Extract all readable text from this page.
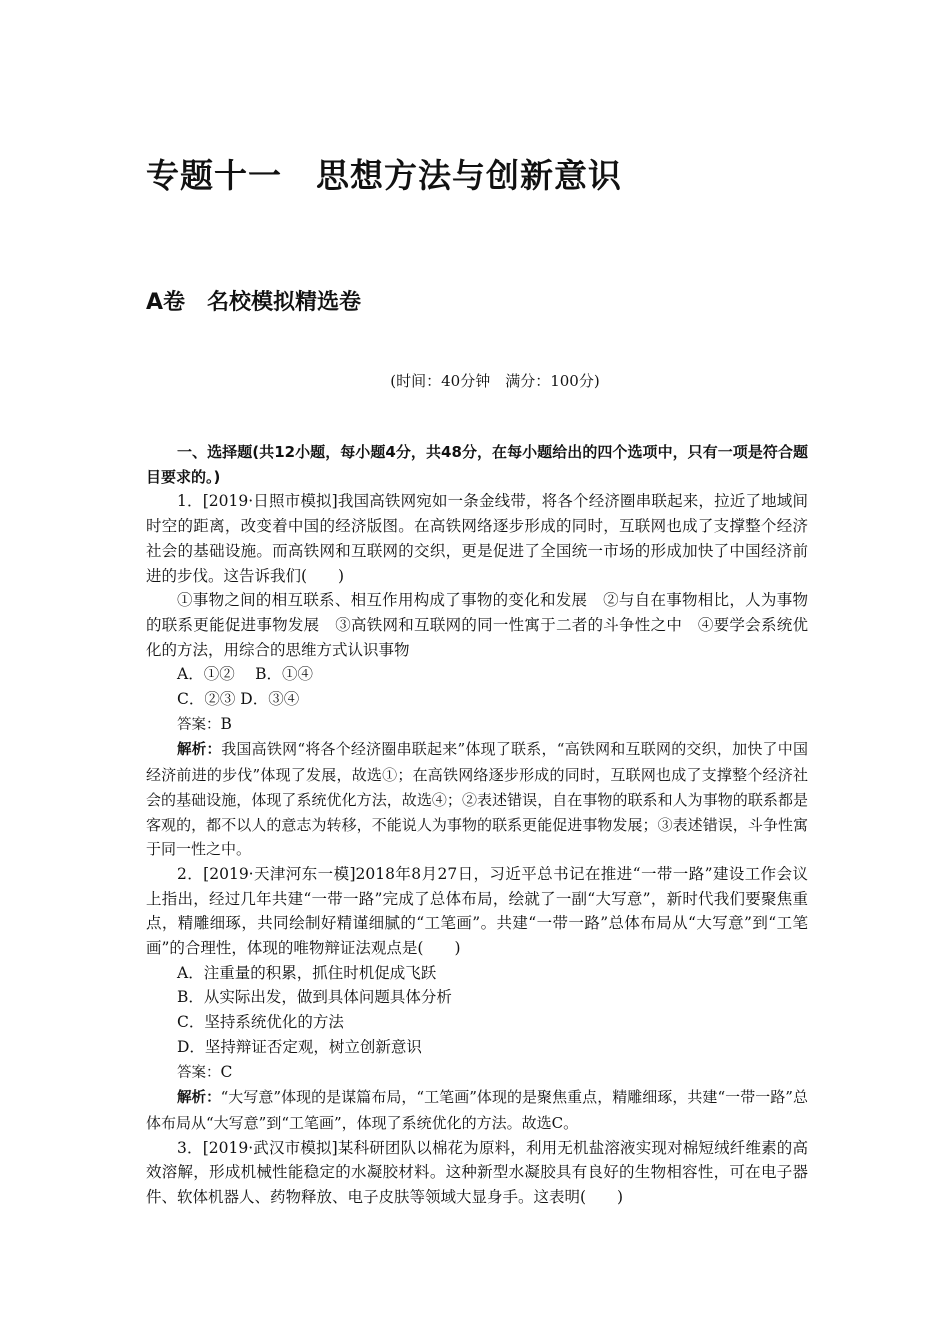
专题十一　思想方法与创新意识
A卷　名校模拟精选卷
(时间：40分钟　满分：100分)

一、选择题(共12小题，每小题4分，共48分，在每小题给出的四个选项中，只有一项是符合题目要求的。)

1．[2019·日照市模拟]我国高铁网宛如一条金线带，将各个经济圈串联起来，拉近了地域间时空的距离，改变着中国的经济版图。在高铁网络逐步形成的同时，互联网也成了支撑整个经济社会的基础设施。而高铁网和互联网的交织，更是促进了全国统一市场的形成加快了中国经济前进的步伐。这告诉我们(　　)

①事物之间的相互联系、相互作用构成了事物的变化和发展　②与自在事物相比，人为事物的联系更能促进事物发展　③高铁网和互联网的同一性寓于二者的斗争性之中　④要学会系统优化的方法，用综合的思维方式认识事物

A．①②　 B．①④

C．②③ D．③④

答案：B

解析：我国高铁网“将各个经济圈串联起来”体现了联系，“高铁网和互联网的交织，加快了中国经济前进的步伐”体现了发展，故选①；在高铁网络逐步形成的同时，互联网也成了支撑整个经济社会的基础设施，体现了系统优化方法，故选④；②表述错误，自在事物的联系和人为事物的联系都是客观的，都不以人的意志为转移，不能说人为事物的联系更能促进事物发展；③表述错误，斗争性寓于同一性之中。

2．[2019·天津河东一模]2018年8月27日，习近平总书记在推进“一带一路”建设工作会议上指出，经过几年共建“一带一路”完成了总体布局，绘就了一副“大写意”，新时代我们要聚焦重点，精雕细琢，共同绘制好精谨细腻的“工笔画”。共建“一带一路”总体布局从“大写意”到“工笔画”的合理性，体现的唯物辩证法观点是(　　)

A．注重量的积累，抓住时机促成飞跃

B．从实际出发，做到具体问题具体分析

C．坚持系统优化的方法

D．坚持辩证否定观，树立创新意识

答案：C

解析：“大写意”体现的是谋篇布局，“工笔画”体现的是聚焦重点，精雕细琢，共建“一带一路”总体布局从“大写意”到“工笔画”，体现了系统优化的方法。故选C。

3．[2019·武汉市模拟]某科研团队以棉花为原料，利用无机盐溶液实现对棉短绒纤维素的高效溶解，形成机械性能稳定的水凝胶材料。这种新型水凝胶具有良好的生物相容性，可在电子器件、软体机器人、药物释放、电子皮肤等领域大显身手。这表明(　　)
